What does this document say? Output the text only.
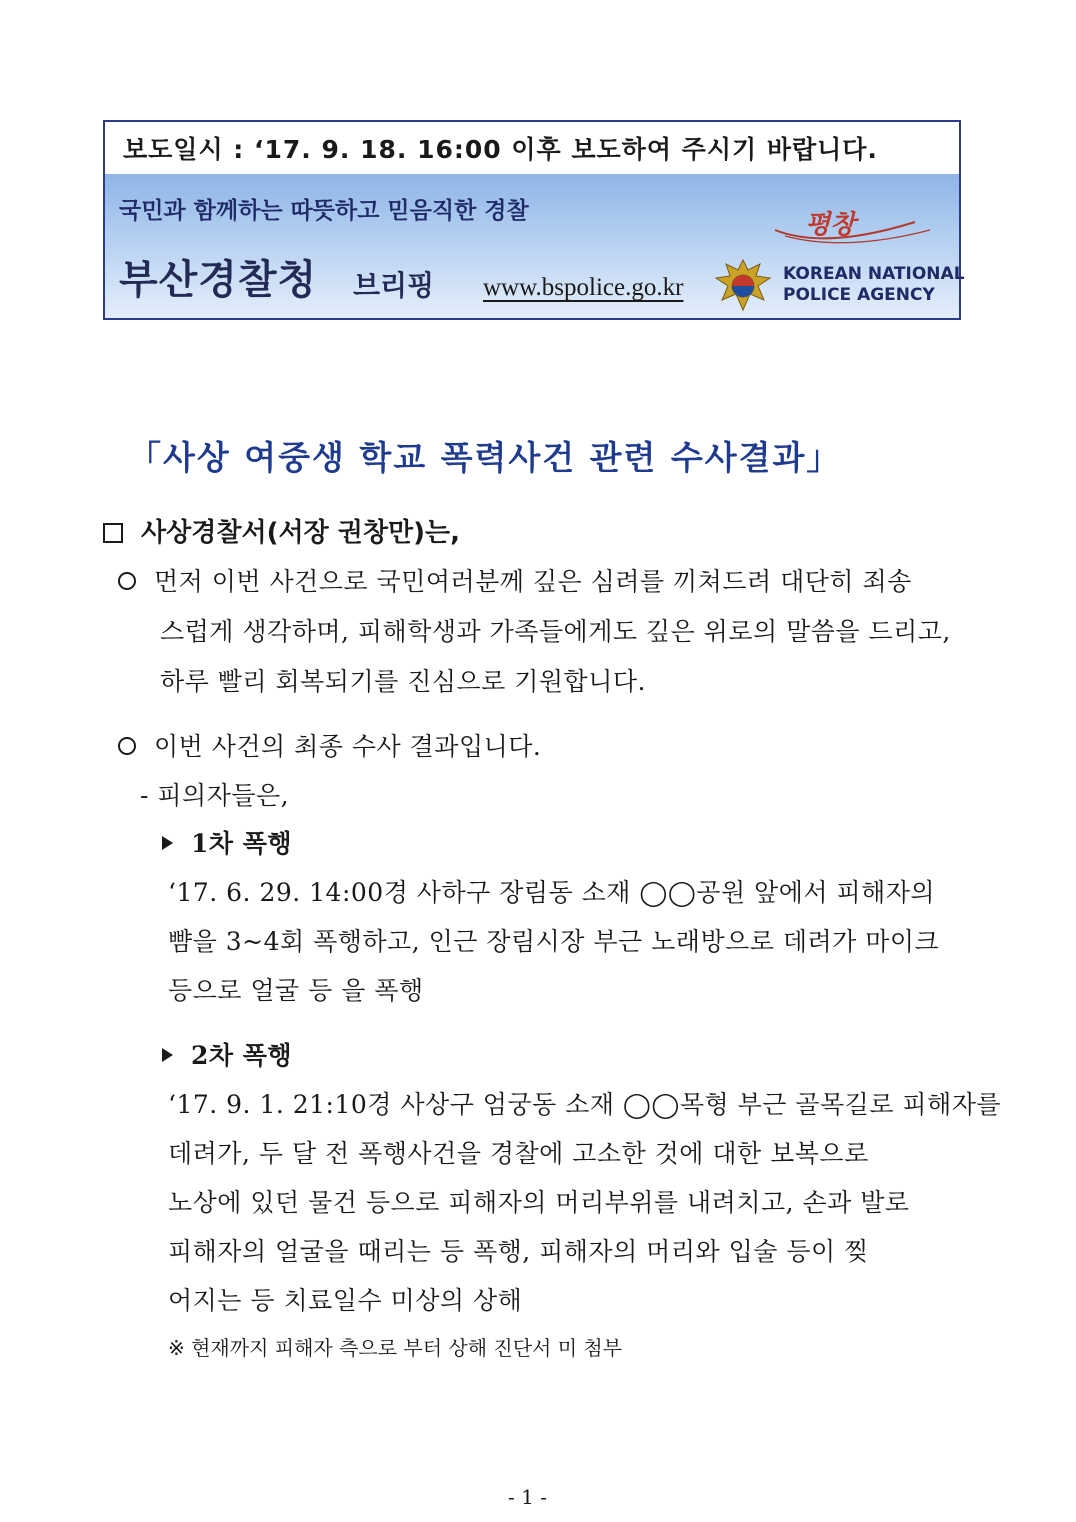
보도일시 : ‘17. 9. 18. 16:00 이후 보도하여 주시기 바랍니다.
국민과 함께하는 따뜻하고 믿음직한 경찰	평창
부산경찰청 브리핑 www.bspolice.go.kr	KOREAN NATIONAL
POLICE AGENCY
「사상 여중생 학교 폭력사건 관련 수사결과」
사상경찰서(서장 권창만)는,
먼저 이번 사건으로 국민여러분께 깊은 심려를 끼쳐드려 대단히 죄송
스럽게 생각하며, 피해학생과 가족들에게도 깊은 위로의 말씀을 드리고,
하루 빨리 회복되기를 진심으로 기원합니다.
이번 사건의 최종 수사 결과입니다.
- 피의자들은,
1차 폭행
‘17. 6. 29. 14:00경 사하구 장림동 소재 ◯◯공원 앞에서 피해자의
뺨을 3~4회 폭행하고, 인근 장림시장 부근 노래방으로 데려가 마이크
등으로 얼굴 등 을 폭행
2차 폭행
‘17. 9. 1. 21:10경 사상구 엄궁동 소재 ◯◯목형 부근 골목길로 피해자를
데려가, 두 달 전 폭행사건을 경찰에 고소한 것에 대한 보복으로
노상에 있던 물건 등으로 피해자의 머리부위를 내려치고, 손과 발로
피해자의 얼굴을 때리는 등 폭행, 피해자의 머리와 입술 등이 찢
어지는 등 치료일수 미상의 상해
※ 현재까지 피해자 측으로 부터 상해 진단서 미 첨부
- 1 -
